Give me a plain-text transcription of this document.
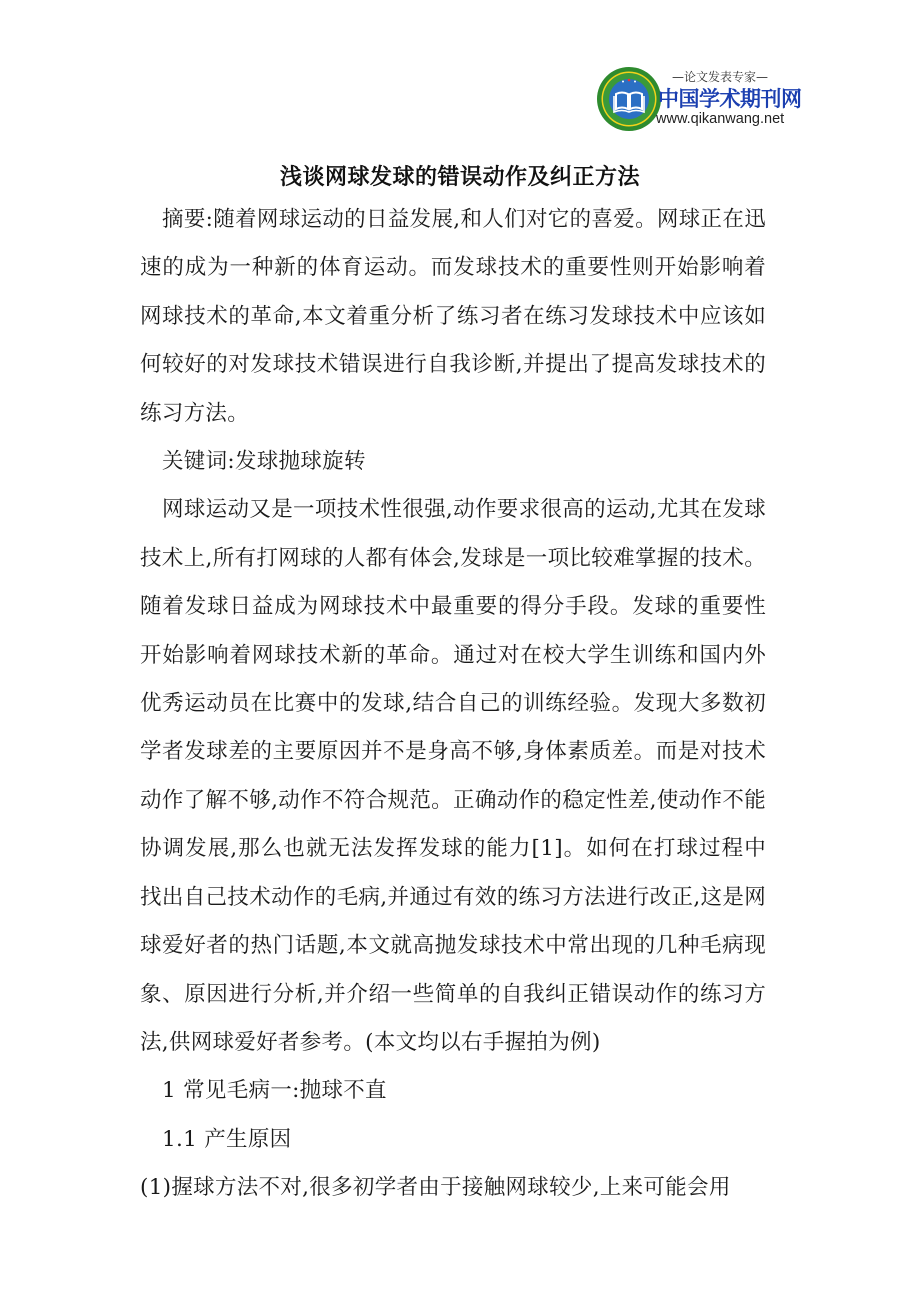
—论文发表专家—
中国学术期刊网
www.qikanwang.net
浅谈网球发球的错误动作及纠正方法

摘要:随着网球运动的日益发展,和人们对它的喜爱。网球正在迅速的成为一种新的体育运动。而发球技术的重要性则开始影响着网球技术的革命,本文着重分析了练习者在练习发球技术中应该如何较好的对发球技术错误进行自我诊断,并提出了提高发球技术的练习方法。

关键词:发球抛球旋转

网球运动又是一项技术性很强,动作要求很高的运动,尤其在发球技术上,所有打网球的人都有体会,发球是一项比较难掌握的技术。随着发球日益成为网球技术中最重要的得分手段。发球的重要性开始影响着网球技术新的革命。通过对在校大学生训练和国内外优秀运动员在比赛中的发球,结合自己的训练经验。发现大多数初学者发球差的主要原因并不是身高不够,身体素质差。而是对技术动作了解不够,动作不符合规范。正确动作的稳定性差,使动作不能协调发展,那么也就无法发挥发球的能力[1]。如何在打球过程中找出自己技术动作的毛病,并通过有效的练习方法进行改正,这是网球爱好者的热门话题,本文就高抛发球技术中常出现的几种毛病现象、原因进行分析,并介绍一些简单的自我纠正错误动作的练习方法,供网球爱好者参考。(本文均以右手握拍为例)

1 常见毛病一:抛球不直

1.1 产生原因

(1)握球方法不对,很多初学者由于接触网球较少,上来可能会用
